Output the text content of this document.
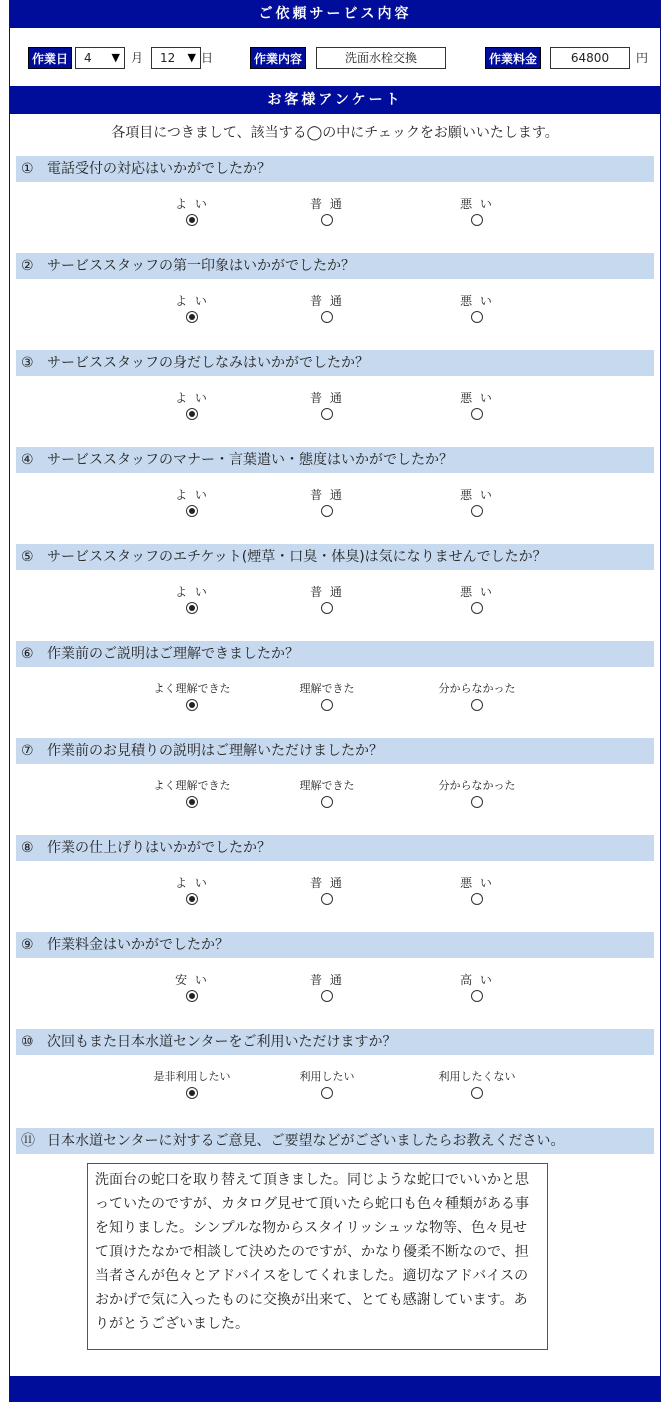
ご依頼サービス内容
作業日	4 ▼ 月	12 ▼ 日	作業内容	洗面水栓交換	作業料金	64800	円
お客様アンケート
各項目につきまして、該当する◯の中にチェックをお願いいたします。
① 電話受付の対応はいかがでしたか？
よ い	普 通	悪 い
② サービススタッフの第一印象はいかがでしたか？
よ い	普 通	悪 い
③ サービススタッフの身だしなみはいかがでしたか？
よ い	普 通	悪 い
④ サービススタッフのマナー・言葉遣い・態度はいかがでしたか？
よ い	普 通	悪 い
⑤ サービススタッフのエチケット(煙草・口臭・体臭)は気になりませんでしたか？
よ い	普 通	悪 い
⑥ 作業前のご説明はご理解できましたか？
よく理解できた	理解できた	分からなかった
⑦ 作業前のお見積りの説明はご理解いただけましたか？
よく理解できた	理解できた	分からなかった
⑧ 作業の仕上げりはいかがでしたか？
よ い	普 通	悪 い
⑨ 作業料金はいかがでしたか？
安 い	普 通	高 い
⑩ 次回もまた日本水道センターをご利用いただけますか？
是非利用したい	利用したい	利用したくない
⑪ 日本水道センターに対するご意見、ご要望などがございましたらお教えください。
洗面台の蛇口を取り替えて頂きました。同じような蛇口でいいかと思っていたのですが、カタログ見せて頂いたら蛇口も色々種類がある事を知りました。シンプルな物からスタイリッシュッな物等、色々見せて頂けたなかで相談して決めたのですが、かなり優柔不断なので、担当者さんが色々とアドバイスをしてくれました。適切なアドバイスのおかげで気に入ったものに交換が出来て、とても感謝しています。ありがとうございました。
